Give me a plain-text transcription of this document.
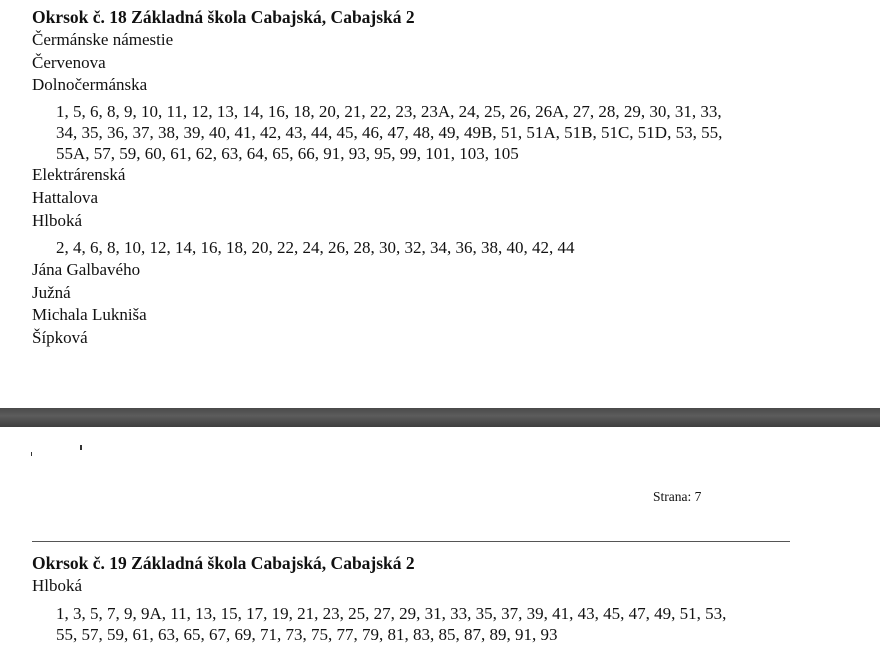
Okrsok č. 18 Základná škola Cabajská, Cabajská 2
Čermánske námestie
Červenova
Dolnočermánska
1, 5, 6, 8, 9, 10, 11, 12, 13, 14, 16, 18, 20, 21, 22, 23, 23A, 24, 25, 26, 26A, 27, 28, 29, 30, 31, 33,
34, 35, 36, 37, 38, 39, 40, 41, 42, 43, 44, 45, 46, 47, 48, 49, 49B, 51, 51A, 51B, 51C, 51D, 53, 55,
55A, 57, 59, 60, 61, 62, 63, 64, 65, 66, 91, 93, 95, 99, 101, 103, 105
Elektrárenská
Hattalova
Hlboká
2, 4, 6, 8, 10, 12, 14, 16, 18, 20, 22, 24, 26, 28, 30, 32, 34, 36, 38, 40, 42, 44
Jána Galbavého
Južná
Michala Lukniša
Šípková
Strana: 7
Okrsok č. 19 Základná škola Cabajská, Cabajská 2
Hlboká
1, 3, 5, 7, 9, 9A, 11, 13, 15, 17, 19, 21, 23, 25, 27, 29, 31, 33, 35, 37, 39, 41, 43, 45, 47, 49, 51, 53,
55, 57, 59, 61, 63, 65, 67, 69, 71, 73, 75, 77, 79, 81, 83, 85, 87, 89, 91, 93
